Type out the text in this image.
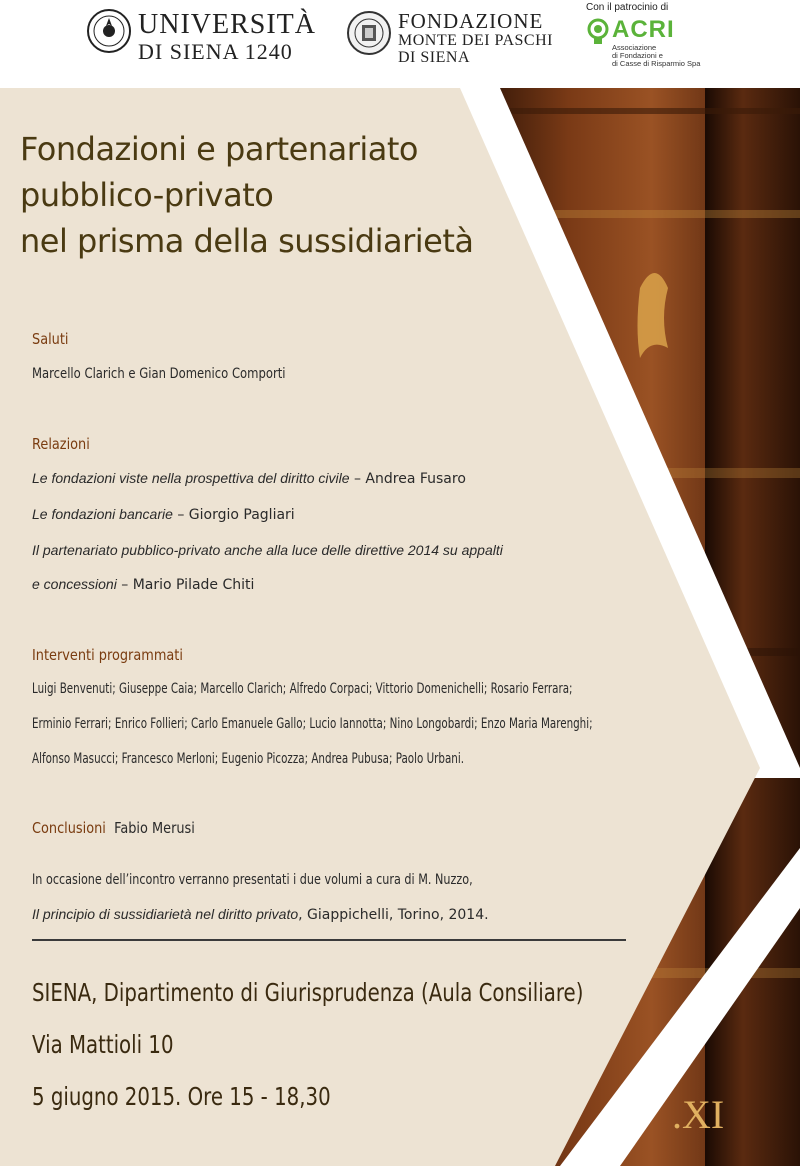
UNIVERSITÀ
DI SIENA 1240
FONDAZIONE
MONTE DEI PASCHI
DI SIENA
Con il patrocinio di
ACRI
Associazione
di Fondazioni e
di Casse di Risparmio Spa
.XI
Fondazioni e partenariato
pubblico-privato
nel prisma della sussidiarietà
Saluti
Marcello Clarich e Gian Domenico Comporti
Relazioni
Le fondazioni viste nella prospettiva del diritto civile – Andrea Fusaro
Le fondazioni bancarie – Giorgio Pagliari
Il partenariato pubblico-privato anche alla luce delle direttive 2014 su appalti
e concessioni – Mario Pilade Chiti
Interventi programmati
Luigi Benvenuti; Giuseppe Caia; Marcello Clarich; Alfredo Corpaci; Vittorio Domenichelli; Rosario Ferrara;
Erminio Ferrari; Enrico Follieri; Carlo Emanuele Gallo; Lucio Iannotta; Nino Longobardi; Enzo Maria Marenghi;
Alfonso Masucci; Francesco Merloni; Eugenio Picozza; Andrea Pubusa; Paolo Urbani.
Conclusioni Fabio Merusi
In occasione dell’incontro verranno presentati i due volumi a cura di M. Nuzzo,
Il principio di sussidiarietà nel diritto privato, Giappichelli, Torino, 2014.
SIENA, Dipartimento di Giurisprudenza (Aula Consiliare)
Via Mattioli 10
5 giugno 2015. Ore 15 - 18,30
